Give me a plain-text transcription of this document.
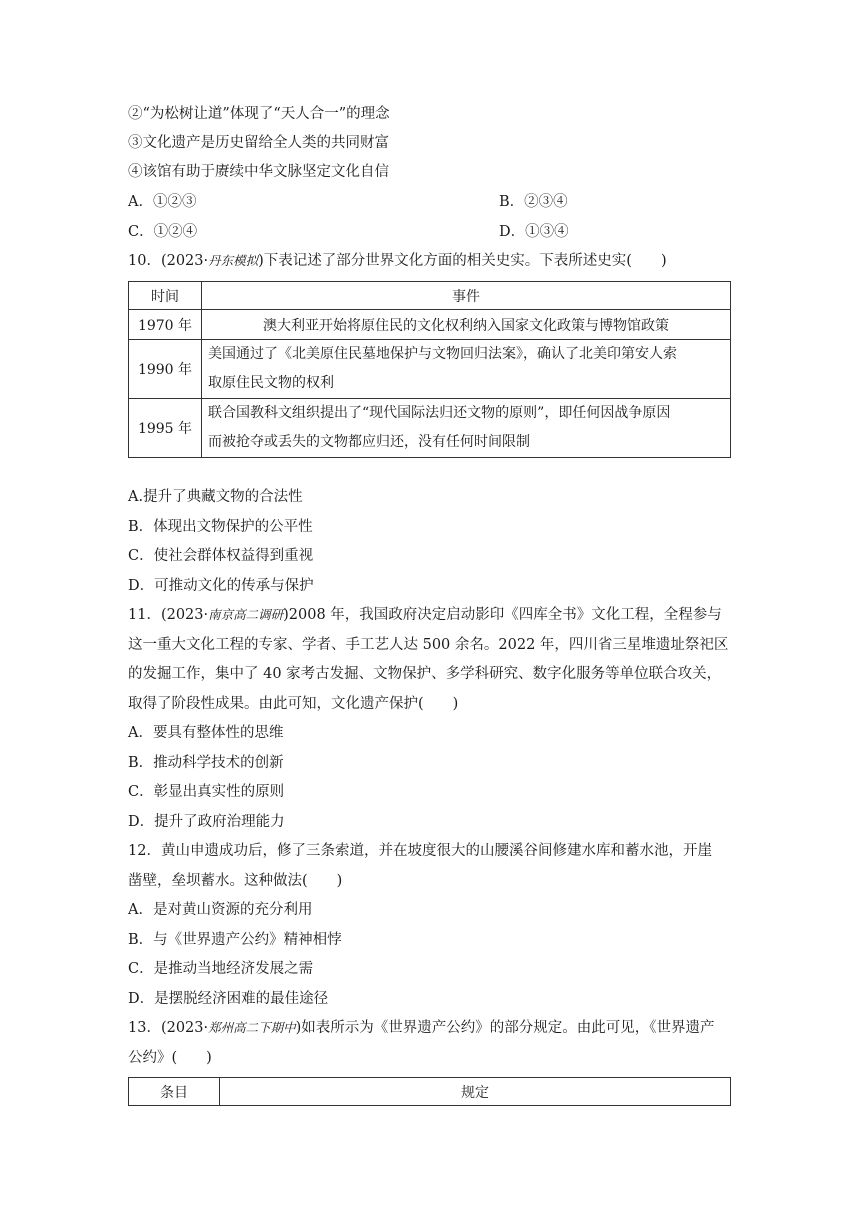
②“为松树让道”体现了“天人合一”的理念
③文化遗产是历史留给全人类的共同财富
④该馆有助于赓续中华文脉坚定文化自信
A．①②③	B．②③④
C．①②④	D．①③④
10．(2023·丹东模拟)下表记述了部分世界文化方面的相关史实。下表所述史实(　　)
时间	事件
1970 年	澳大利亚开始将原住民的文化权利纳入国家文化政策与博物馆政策
1990 年	美国通过了《北美原住民墓地保护与文物回归法案》，确认了北美印第安人索
取原住民文物的权利

1995 年	联合国教科文组织提出了“现代国际法归还文物的原则”，即任何因战争原因
而被抢夺或丢失的文物都应归还，没有任何时间限制
A.提升了典藏文物的合法性
B．体现出文物保护的公平性
C．使社会群体权益得到重视
D．可推动文化的传承与保护
11．(2023·南京高二调研)2008 年，我国政府决定启动影印《四库全书》文化工程，全程参与
这一重大文化工程的专家、学者、手工艺人达 500 余名。2022 年，四川省三星堆遗址祭祀区
的发掘工作，集中了 40 家考古发掘、文物保护、多学科研究、数字化服务等单位联合攻关，
取得了阶段性成果。由此可知，文化遗产保护(　　)
A．要具有整体性的思维
B．推动科学技术的创新
C．彰显出真实性的原则
D．提升了政府治理能力
12．黄山申遗成功后，修了三条索道，并在坡度很大的山腰溪谷间修建水库和蓄水池，开崖
凿壁，垒坝蓄水。这种做法(　　)
A．是对黄山资源的充分利用
B．与《世界遗产公约》精神相悖
C．是推动当地经济发展之需
D．是摆脱经济困难的最佳途径
13．(2023·郑州高二下期中)如表所示为《世界遗产公约》的部分规定。由此可见，《世界遗产
公约》(　　)
条目	规定
